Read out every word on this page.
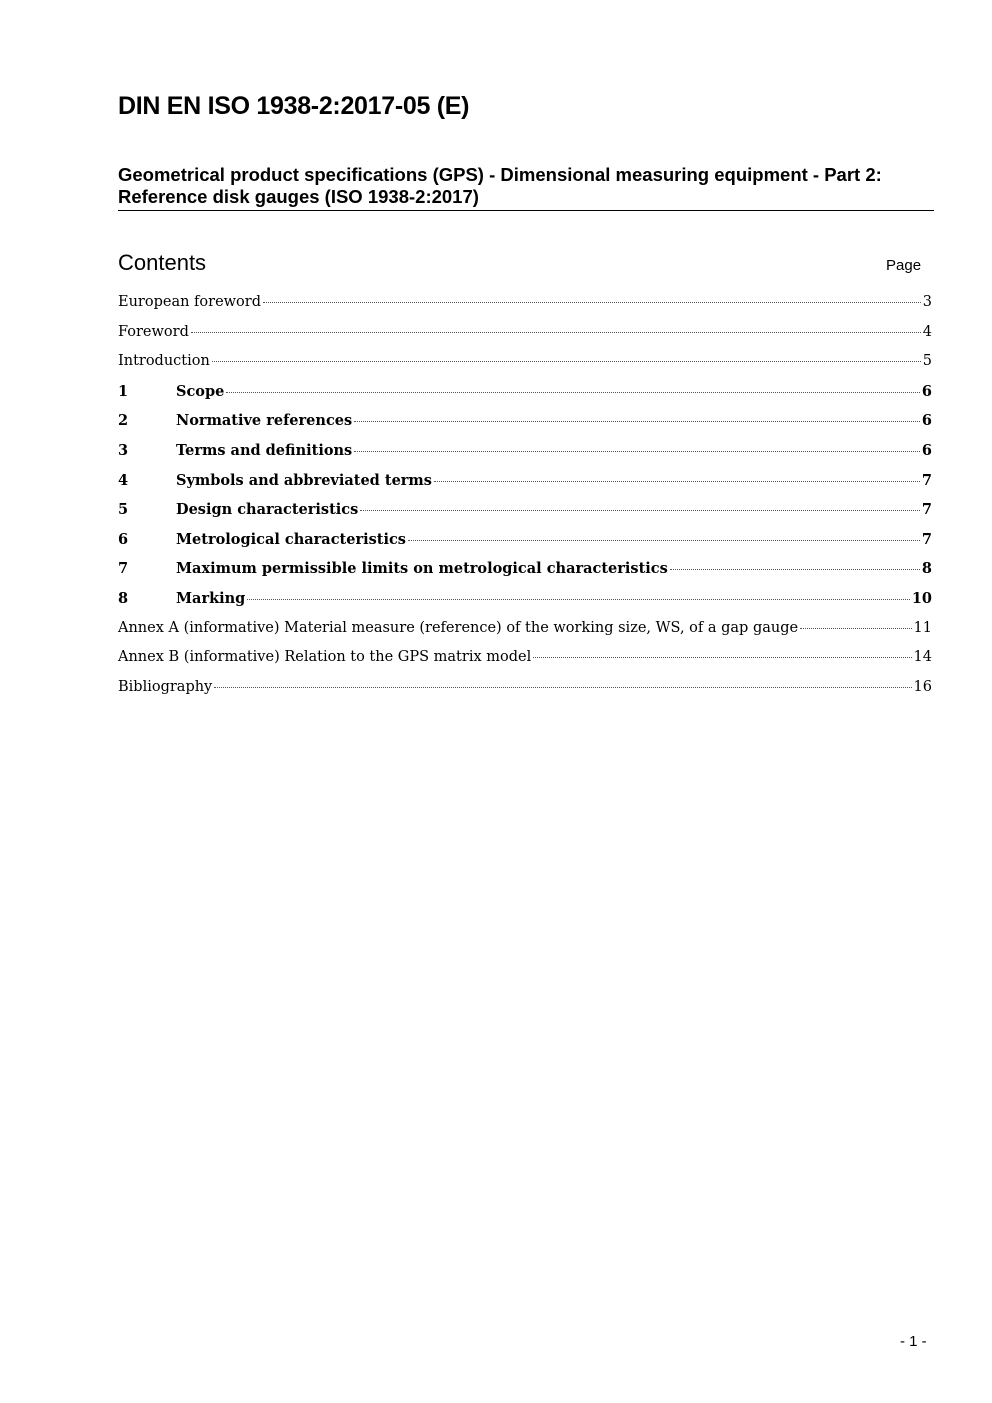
DIN EN ISO 1938-2:2017-05 (E)

Geometrical product specifications (GPS) - Dimensional measuring equipment - Part 2: Reference disk gauges (ISO 1938-2:2017)

Contents	Page
European foreword	3
Foreword	4
Introduction	5
1	Scope	6
2	Normative references	6
3	Terms and definitions	6
4	Symbols and abbreviated terms	7
5	Design characteristics	7
6	Metrological characteristics	7
7	Maximum permissible limits on metrological characteristics	8
8	Marking	10
Annex A (informative) Material measure (reference) of the working size, WS, of a gap gauge	11
Annex B (informative) Relation to the GPS matrix model	14
Bibliography	16
- 1 -
